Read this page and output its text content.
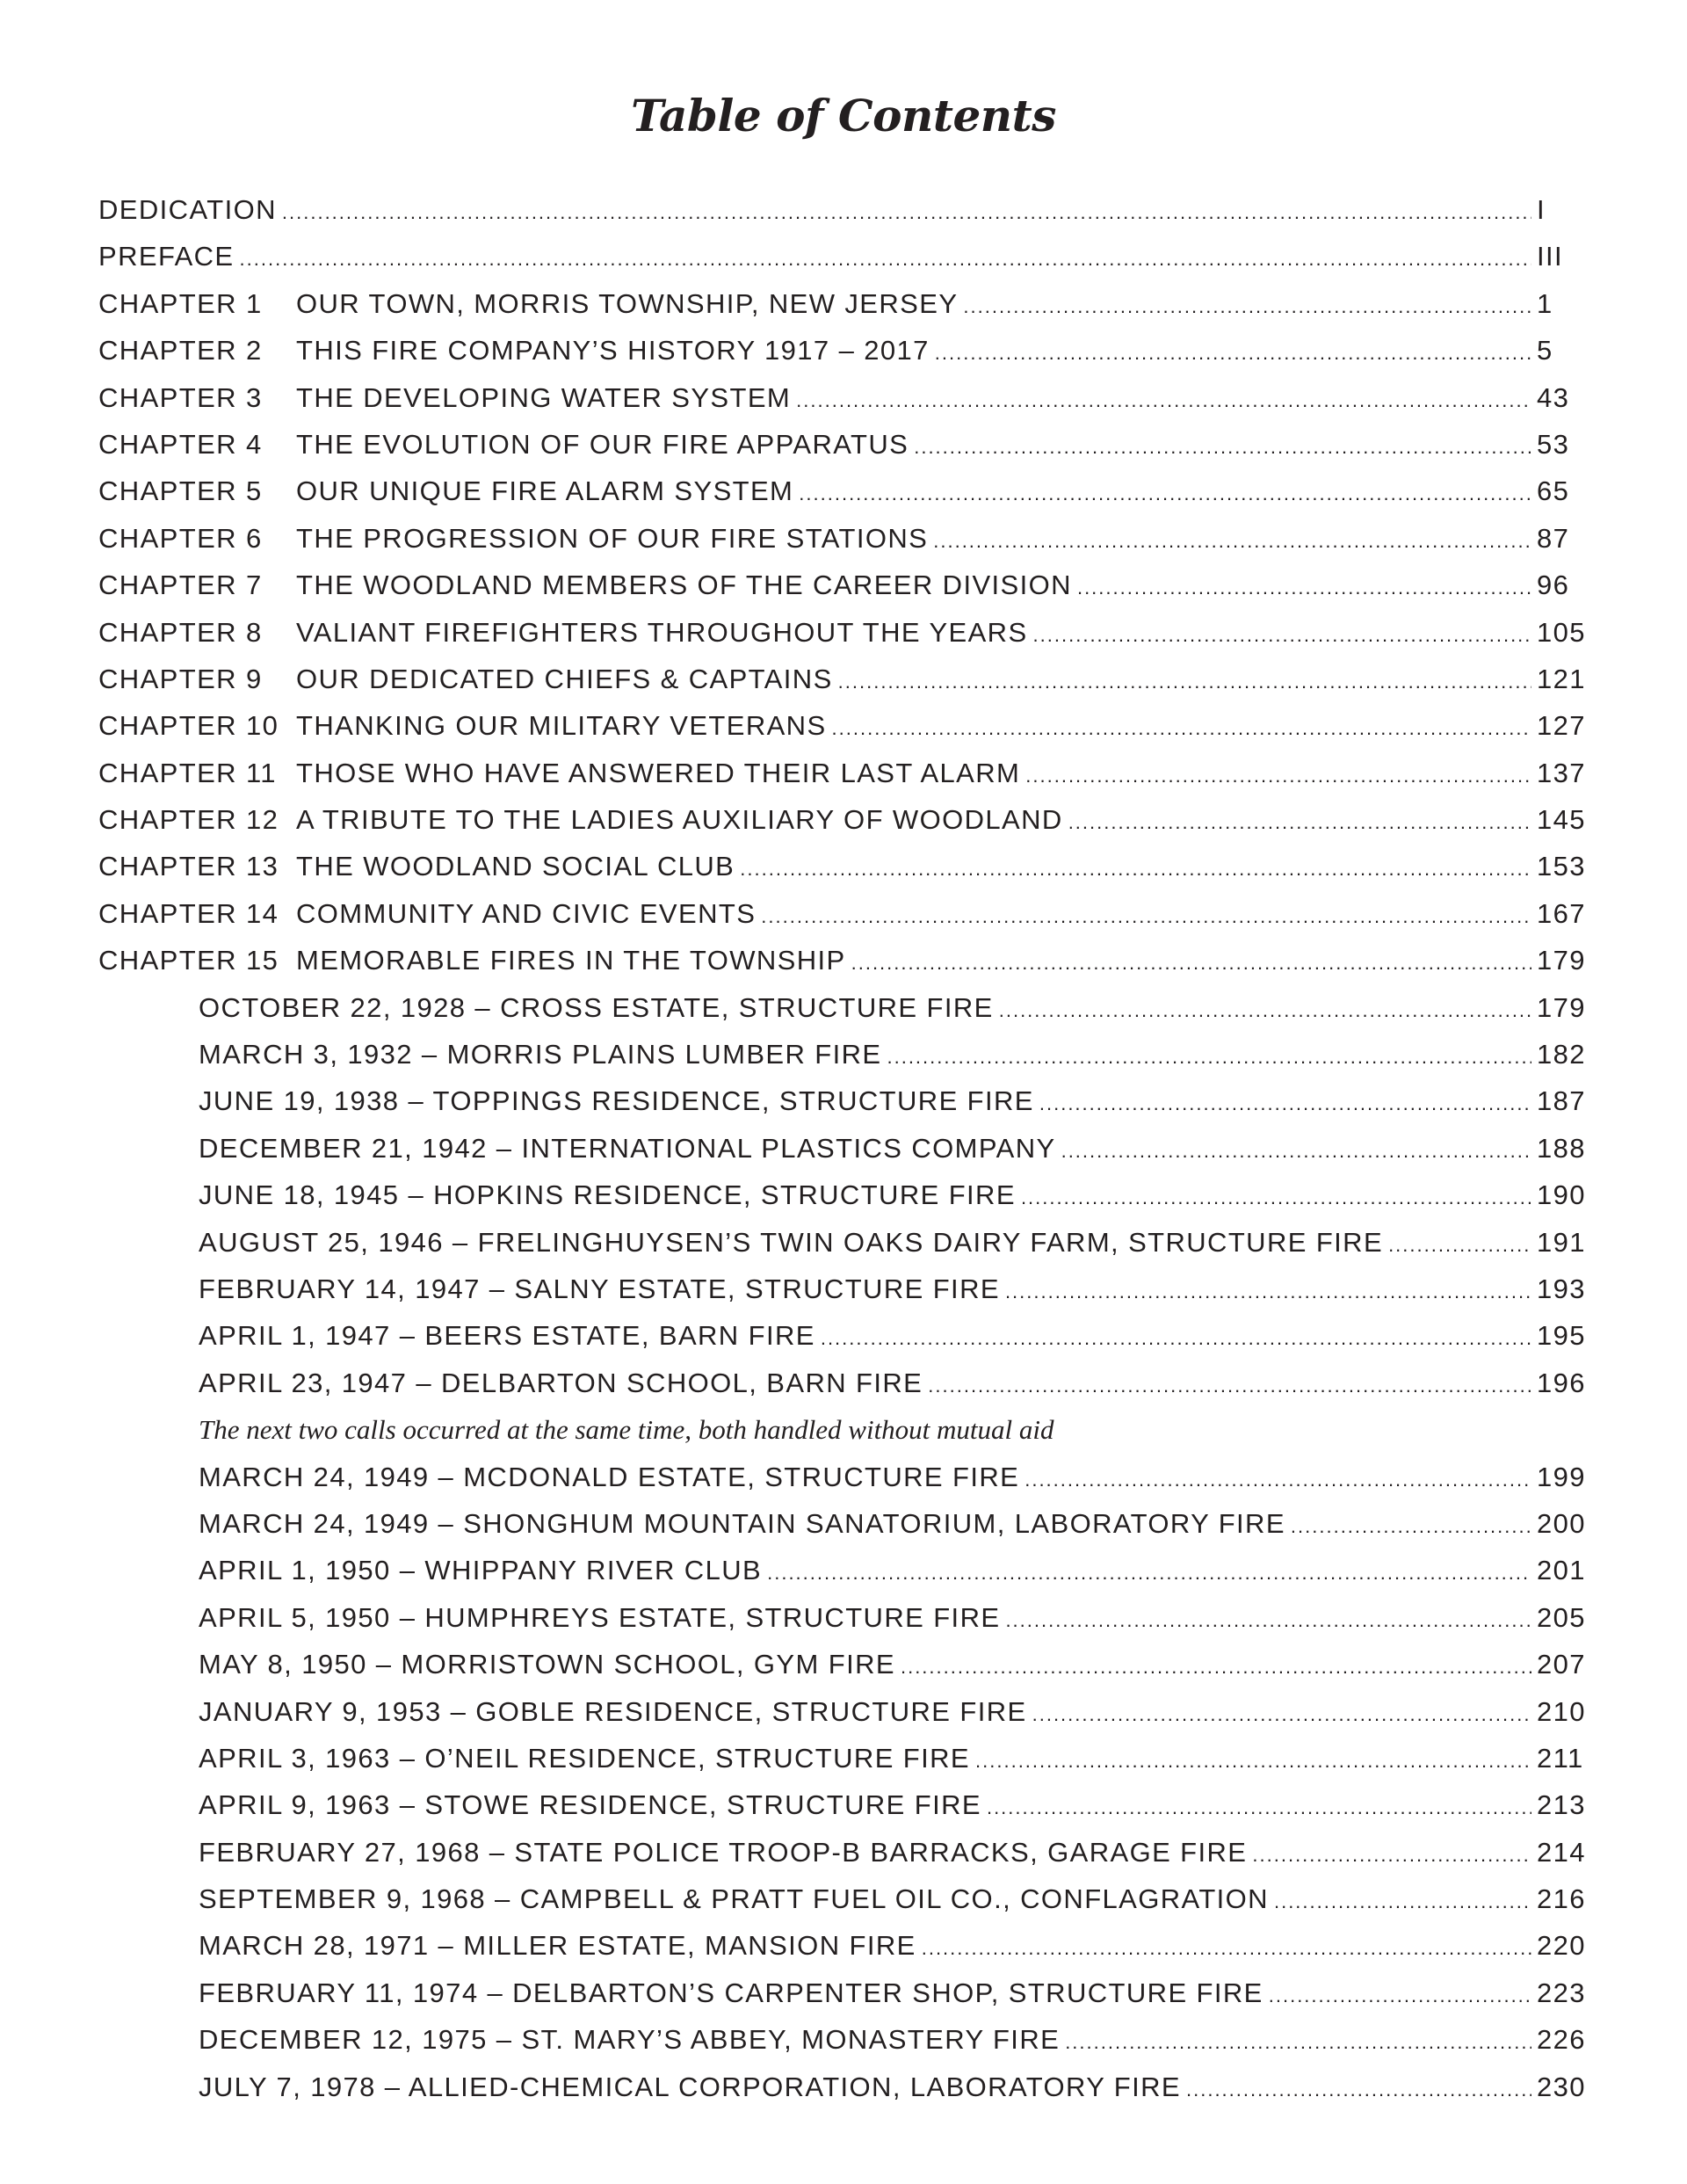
Table of Contents
DEDICATION .....	I
PREFACE .....	III
CHAPTER 1	OUR TOWN, MORRIS TOWNSHIP, NEW JERSEY .....	1
CHAPTER 2	THIS FIRE COMPANY’S HISTORY 1917 – 2017 .....	5
CHAPTER 3	THE DEVELOPING WATER SYSTEM .....	43
CHAPTER 4	THE EVOLUTION OF OUR FIRE APPARATUS .....	53
CHAPTER 5	OUR UNIQUE FIRE ALARM SYSTEM .....	65
CHAPTER 6	THE PROGRESSION OF OUR FIRE STATIONS .....	87
CHAPTER 7	THE WOODLAND MEMBERS OF THE CAREER DIVISION .....	96
CHAPTER 8	VALIANT FIREFIGHTERS THROUGHOUT THE YEARS .....	105
CHAPTER 9	OUR DEDICATED CHIEFS & CAPTAINS .....	121
CHAPTER 10 THANKING OUR MILITARY VETERANS .....	127
CHAPTER 11 THOSE WHO HAVE ANSWERED THEIR LAST ALARM .....	137
CHAPTER 12 A TRIBUTE TO THE LADIES AUXILIARY OF WOODLAND .....	145
CHAPTER 13 THE WOODLAND SOCIAL CLUB .....	153
CHAPTER 14 COMMUNITY AND CIVIC EVENTS .....	167
CHAPTER 15 MEMORABLE FIRES IN THE TOWNSHIP .....	179
OCTOBER 22, 1928 – CROSS ESTATE, STRUCTURE FIRE .....	179
MARCH 3, 1932 – MORRIS PLAINS LUMBER FIRE .....	182
JUNE 19, 1938 – TOPPINGS RESIDENCE, STRUCTURE FIRE .....	187
DECEMBER 21, 1942 – INTERNATIONAL PLASTICS COMPANY .....	188
JUNE 18, 1945 – HOPKINS RESIDENCE, STRUCTURE FIRE .....	190
AUGUST 25, 1946 – FRELINGHUYSEN’S TWIN OAKS DAIRY FARM, STRUCTURE FIRE .....	191
FEBRUARY 14, 1947 – SALNY ESTATE, STRUCTURE FIRE .....	193
APRIL 1, 1947 – BEERS ESTATE, BARN FIRE .....	195
APRIL 23, 1947 – DELBARTON SCHOOL, BARN FIRE .....	196
The next two calls occurred at the same time, both handled without mutual aid
MARCH 24, 1949 – MCDONALD ESTATE, STRUCTURE FIRE .....	199
MARCH 24, 1949 – SHONGHUM MOUNTAIN SANATORIUM, LABORATORY FIRE .....	200
APRIL 1, 1950 – WHIPPANY RIVER CLUB .....	201
APRIL 5, 1950 – HUMPHREYS ESTATE, STRUCTURE FIRE .....	205
MAY 8, 1950 – MORRISTOWN SCHOOL, GYM FIRE .....	207
JANUARY 9, 1953 – GOBLE RESIDENCE, STRUCTURE FIRE .....	210
APRIL 3, 1963 – O’NEIL RESIDENCE, STRUCTURE FIRE .....	211
APRIL 9, 1963 – STOWE RESIDENCE, STRUCTURE FIRE .....	213
FEBRUARY 27, 1968 – STATE POLICE TROOP-B BARRACKS, GARAGE FIRE .....	214
SEPTEMBER 9, 1968 – CAMPBELL & PRATT FUEL OIL CO., CONFLAGRATION .....	216
MARCH 28, 1971 – MILLER ESTATE, MANSION FIRE .....	220
FEBRUARY 11, 1974 – DELBARTON’S CARPENTER SHOP, STRUCTURE FIRE .....	223
DECEMBER 12, 1975 – ST. MARY’S ABBEY, MONASTERY FIRE .....	226
JULY 7, 1978 – ALLIED-CHEMICAL CORPORATION, LABORATORY FIRE .....	230
